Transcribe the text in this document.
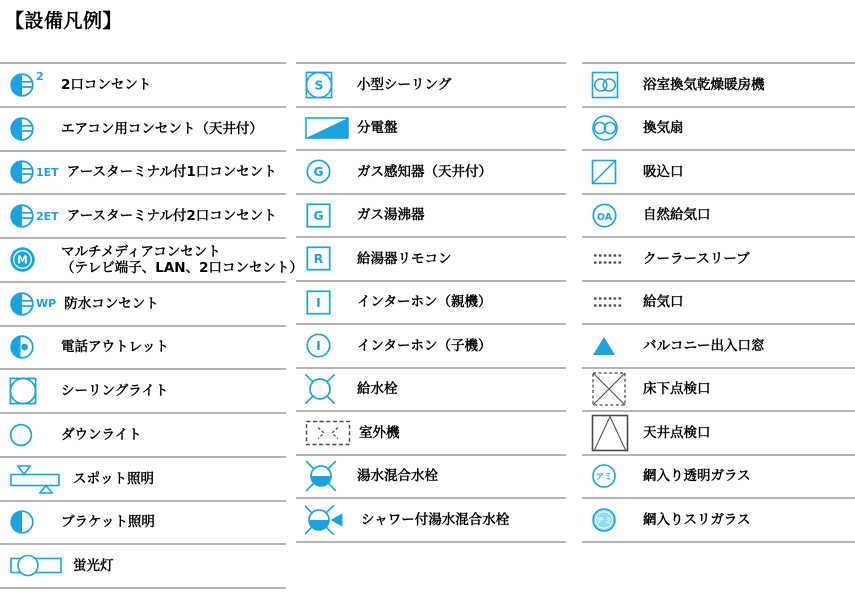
【設備凡例】
2 2口コンセント
エアコン用コンセント（天井付）
1ET アースターミナル付1口コンセント
2ET アースターミナル付2口コンセント
M
マルチメディアコンセント
（テレビ端子、LAN、2口コンセント）
WP 防水コンセント
電話アウトレット
シーリングライト
ダウンライト
スポット照明
ブラケット照明
蛍光灯
S 小型シーリング
分電盤
G ガス感知器（天井付）
G ガス湯沸器
R 給湯器リモコン
I	インターホン（親機）
I	インターホン（子機）
給水栓
室外機
湯水混合水栓
シャワー付湯水混合水栓
浴室換気乾燥暖房機
換気扇
吸込口
OA 自然給気口
クーラースリーブ
給気口
バルコニー出入口窓
床下点検口
天井点検口
アミ 網入り透明ガラス
アミ 網入りスリガラス
